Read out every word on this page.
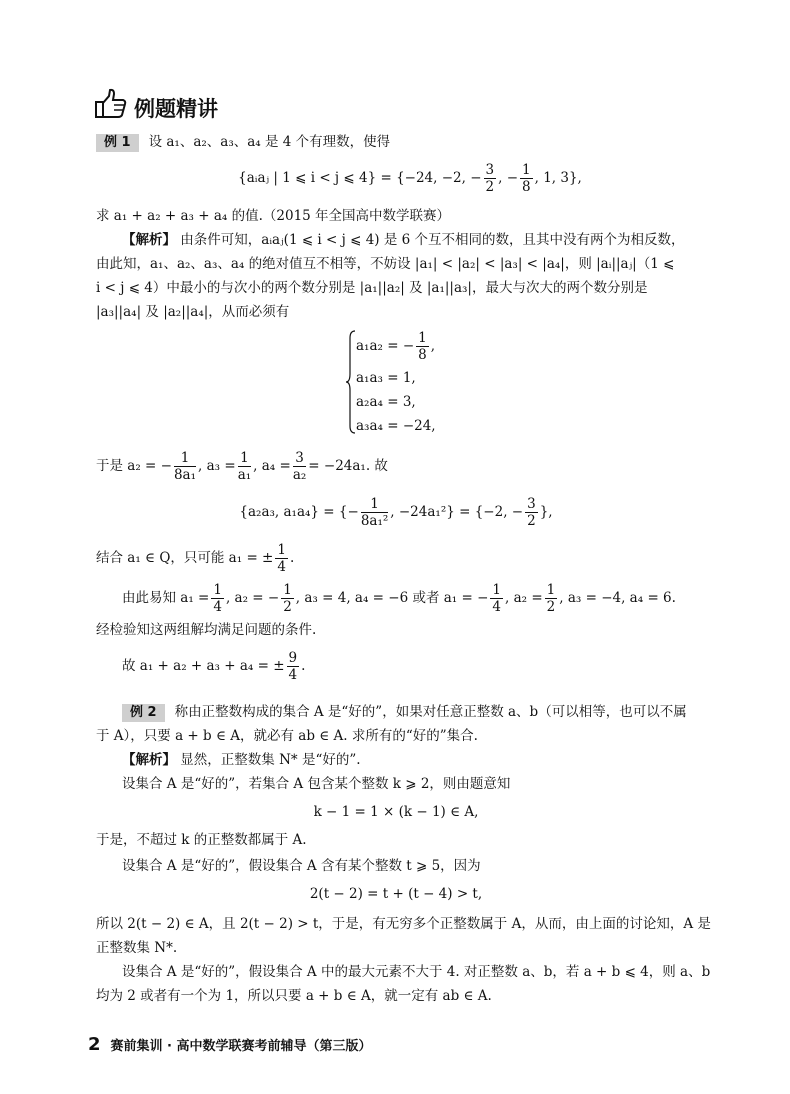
例题精讲
例 1 设 a₁、a₂、a₃、a₄ 是 4 个有理数，使得
{aᵢaⱼ | 1 ⩽ i < j ⩽ 4} = {−24, −2, − $\frac{3}{2}$ , − $\frac{1}{8}$ , 1, 3},
求 a₁ + a₂ + a₃ + a₄ 的值.（2015 年全国高中数学联赛）
【解析】 由条件可知，aᵢaⱼ(1 ⩽ i < j ⩽ 4) 是 6 个互不相同的数，且其中没有两个为相反数，
由此知，a₁、a₂、a₃、a₄ 的绝对值互不相等，不妨设 |a₁| < |a₂| < |a₃| < |a₄|，则 |aᵢ||aⱼ|（1 ⩽
i < j ⩽ 4）中最小的与次小的两个数分别是 |a₁||a₂| 及 |a₁||a₃|，最大与次大的两个数分别是
|a₃||a₄| 及 |a₂||a₄|，从而必须有
a₁a₂ = − $\frac{1}{8}$ ,
a₁a₃ = 1,
a₂a₄ = 3,
a₃a₄ = −24,
于是 a₂ = − $\frac{1}{\text{8a₁}}$ , $a_3 = \frac{1}{\text{a₁}}$ , $a_4 = \frac{3}{\text{a₂}} = -24a_1$. 故
{a₂a₃, a₁a₄} = {− $\frac{1}{\text{8a₁²}}$ , −24a₁²} = {−2, − $\frac{3}{2}$ },
结合 a₁ ∈ Q，只可能 a₁ = ± $\frac{1}{4}$ .
由此易知 $a_1 = \frac{1}{4}$ , a₂ = − $\frac{1}{2}$ , a₃ = 4, a₄ = −6 或者 a₁ = − $\frac{1}{4}$ , $a_2 = \frac{1}{2}$ , a₃ = −4, a₄ = 6.
经检验知这两组解均满足问题的条件.
故 a₁ + a₂ + a₃ + a₄ = ± $\frac{9}{4}$ .
例 2 称由正整数构成的集合 A 是“好的”，如果对任意正整数 a、b（可以相等，也可以不属
于 A），只要 a + b ∈ A，就必有 ab ∈ A. 求所有的“好的”集合.
【解析】 显然，正整数集 N* 是“好的”.
设集合 A 是“好的”，若集合 A 包含某个整数 k ⩾ 2，则由题意知
k − 1 = 1 × (k − 1) ∈ A,
于是，不超过 k 的正整数都属于 A.
设集合 A 是“好的”，假设集合 A 含有某个整数 t ⩾ 5，因为
2(t − 2) = t + (t − 4) > t,
所以 2(t − 2) ∈ A，且 2(t − 2) > t，于是，有无穷多个正整数属于 A，从而，由上面的讨论知，A 是
正整数集 N*.
设集合 A 是“好的”，假设集合 A 中的最大元素不大于 4. 对正整数 a、b，若 a + b ⩽ 4，则 a、b
均为 2 或者有一个为 1，所以只要 a + b ∈ A，就一定有 ab ∈ A.
2 赛前集训 · 高中数学联赛考前辅导（第三版）
